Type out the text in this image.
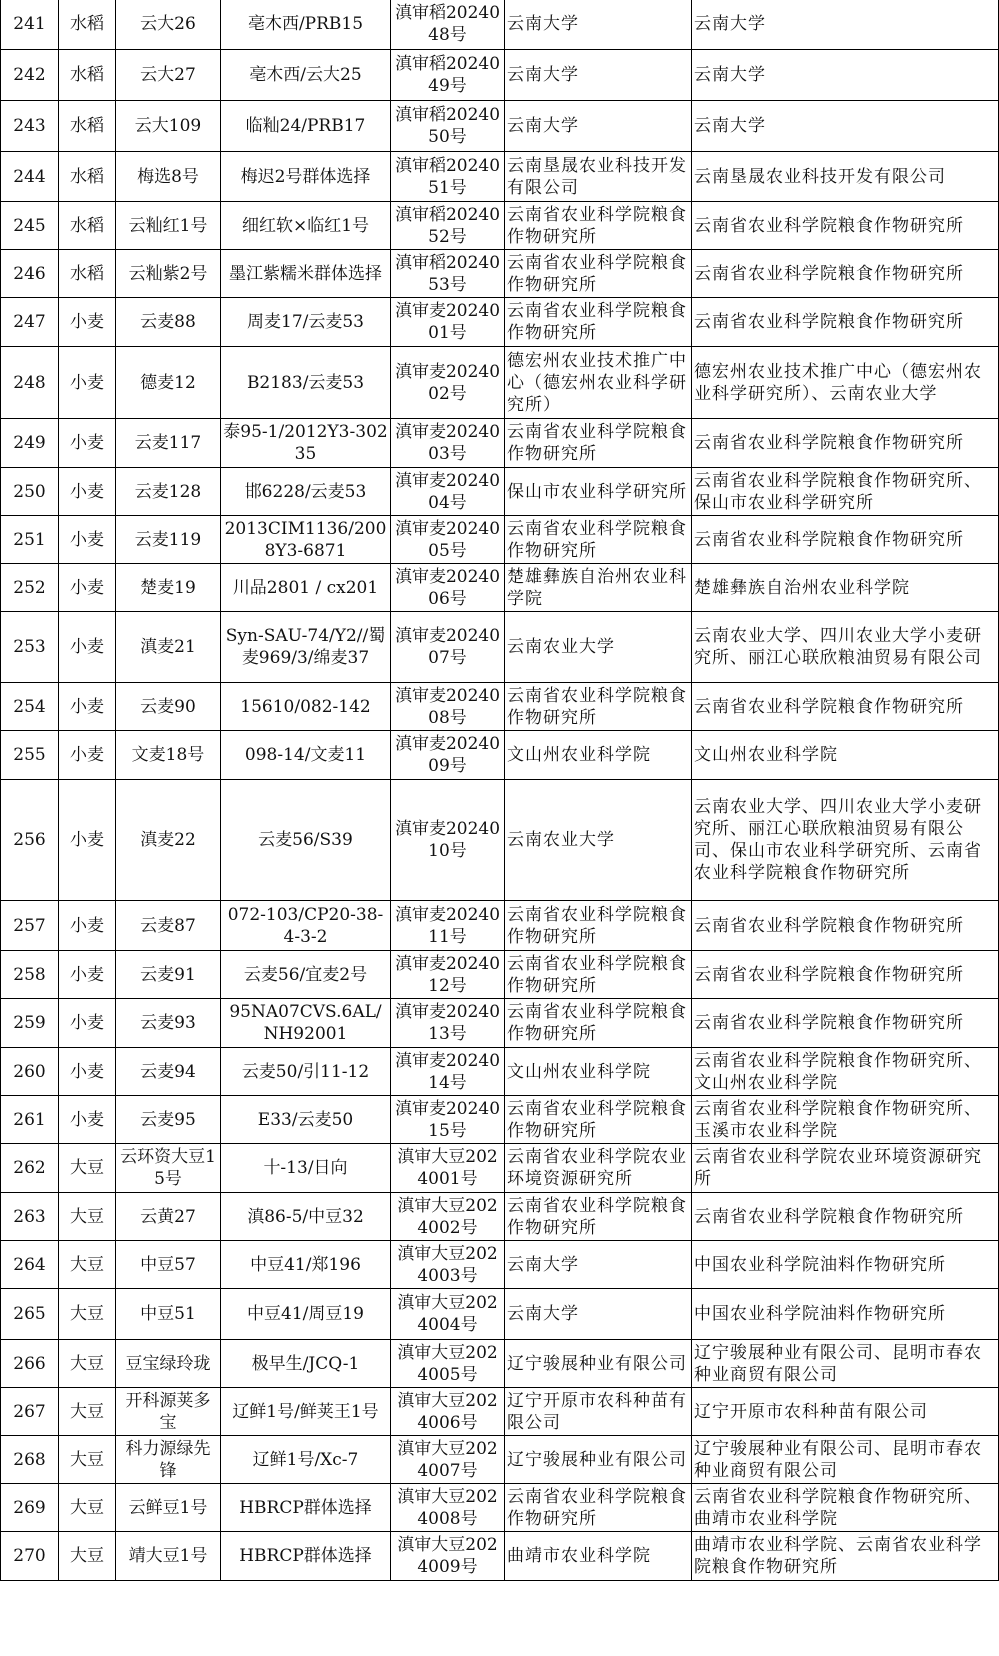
241	水稻	云大26	亳木西/PRB15	滇审稻2024048号	云南大学	云南大学
242	水稻	云大27	亳木西/云大25	滇审稻2024049号	云南大学	云南大学
243	水稻	云大109	临籼24/PRB17	滇审稻2024050号	云南大学	云南大学
244	水稻	梅选8号	梅迟2号群体选择	滇审稻2024051号	云南垦晟农业科技开发有限公司	云南垦晟农业科技开发有限公司
245	水稻	云籼红1号	细红软×临红1号	滇审稻2024052号	云南省农业科学院粮食作物研究所	云南省农业科学院粮食作物研究所
246	水稻	云籼紫2号	墨江紫糯米群体选择	滇审稻2024053号	云南省农业科学院粮食作物研究所	云南省农业科学院粮食作物研究所
247	小麦	云麦88	周麦17/云麦53	滇审麦2024001号	云南省农业科学院粮食作物研究所	云南省农业科学院粮食作物研究所
248	小麦	德麦12	B2183/云麦53	滇审麦2024002号	德宏州农业技术推广中心（德宏州农业科学研究所）	德宏州农业技术推广中心（德宏州农业科学研究所）、云南农业大学
249	小麦	云麦117	泰95-1/2012Y3-30235	滇审麦2024003号	云南省农业科学院粮食作物研究所	云南省农业科学院粮食作物研究所
250	小麦	云麦128	邯6228/云麦53	滇审麦2024004号	保山市农业科学研究所	云南省农业科学院粮食作物研究所、保山市农业科学研究所
251	小麦	云麦119	2013CIM1136/2008Y3-6871	滇审麦2024005号	云南省农业科学院粮食作物研究所	云南省农业科学院粮食作物研究所
252	小麦	楚麦19	川品2801 / cx201	滇审麦2024006号	楚雄彝族自治州农业科学院	楚雄彝族自治州农业科学院
253	小麦	滇麦21	Syn-SAU-74/Y2//蜀麦969/3/绵麦37	滇审麦2024007号	云南农业大学	云南农业大学、四川农业大学小麦研究所、丽江心联欣粮油贸易有限公司
254	小麦	云麦90	15610/082-142	滇审麦2024008号	云南省农业科学院粮食作物研究所	云南省农业科学院粮食作物研究所
255	小麦	文麦18号	098-14/文麦11	滇审麦2024009号	文山州农业科学院	文山州农业科学院
256	小麦	滇麦22	云麦56/S39	滇审麦2024010号	云南农业大学	云南农业大学、四川农业大学小麦研究所、丽江心联欣粮油贸易有限公司、保山市农业科学研究所、云南省农业科学院粮食作物研究所
257	小麦	云麦87	072-103/CP20-38-4-3-2	滇审麦2024011号	云南省农业科学院粮食作物研究所	云南省农业科学院粮食作物研究所
258	小麦	云麦91	云麦56/宜麦2号	滇审麦2024012号	云南省农业科学院粮食作物研究所	云南省农业科学院粮食作物研究所
259	小麦	云麦93	95NA07CVS.6AL/NH92001	滇审麦2024013号	云南省农业科学院粮食作物研究所	云南省农业科学院粮食作物研究所
260	小麦	云麦94	云麦50/引11-12	滇审麦2024014号	文山州农业科学院	云南省农业科学院粮食作物研究所、文山州农业科学院
261	小麦	云麦95	E33/云麦50	滇审麦2024015号	云南省农业科学院粮食作物研究所	云南省农业科学院粮食作物研究所、玉溪市农业科学院
262	大豆	云环资大豆15号	十-13/日向	滇审大豆2024001号	云南省农业科学院农业环境资源研究所	云南省农业科学院农业环境资源研究所
263	大豆	云黄27	滇86-5/中豆32	滇审大豆2024002号	云南省农业科学院粮食作物研究所	云南省农业科学院粮食作物研究所
264	大豆	中豆57	中豆41/郑196	滇审大豆2024003号	云南大学	中国农业科学院油料作物研究所
265	大豆	中豆51	中豆41/周豆19	滇审大豆2024004号	云南大学	中国农业科学院油料作物研究所
266	大豆	豆宝绿玲珑	极早生/JCQ-1	滇审大豆2024005号	辽宁骏展种业有限公司	辽宁骏展种业有限公司、昆明市春农种业商贸有限公司
267	大豆	开科源荚多宝	辽鲜1号/鲜荚王1号	滇审大豆2024006号	辽宁开原市农科种苗有限公司	辽宁开原市农科种苗有限公司
268	大豆	科力源绿先锋	辽鲜1号/Xc-7	滇审大豆2024007号	辽宁骏展种业有限公司	辽宁骏展种业有限公司、昆明市春农种业商贸有限公司
269	大豆	云鲜豆1号	HBRCP群体选择	滇审大豆2024008号	云南省农业科学院粮食作物研究所	云南省农业科学院粮食作物研究所、曲靖市农业科学院
270	大豆	靖大豆1号	HBRCP群体选择	滇审大豆2024009号	曲靖市农业科学院	曲靖市农业科学院、云南省农业科学院粮食作物研究所
